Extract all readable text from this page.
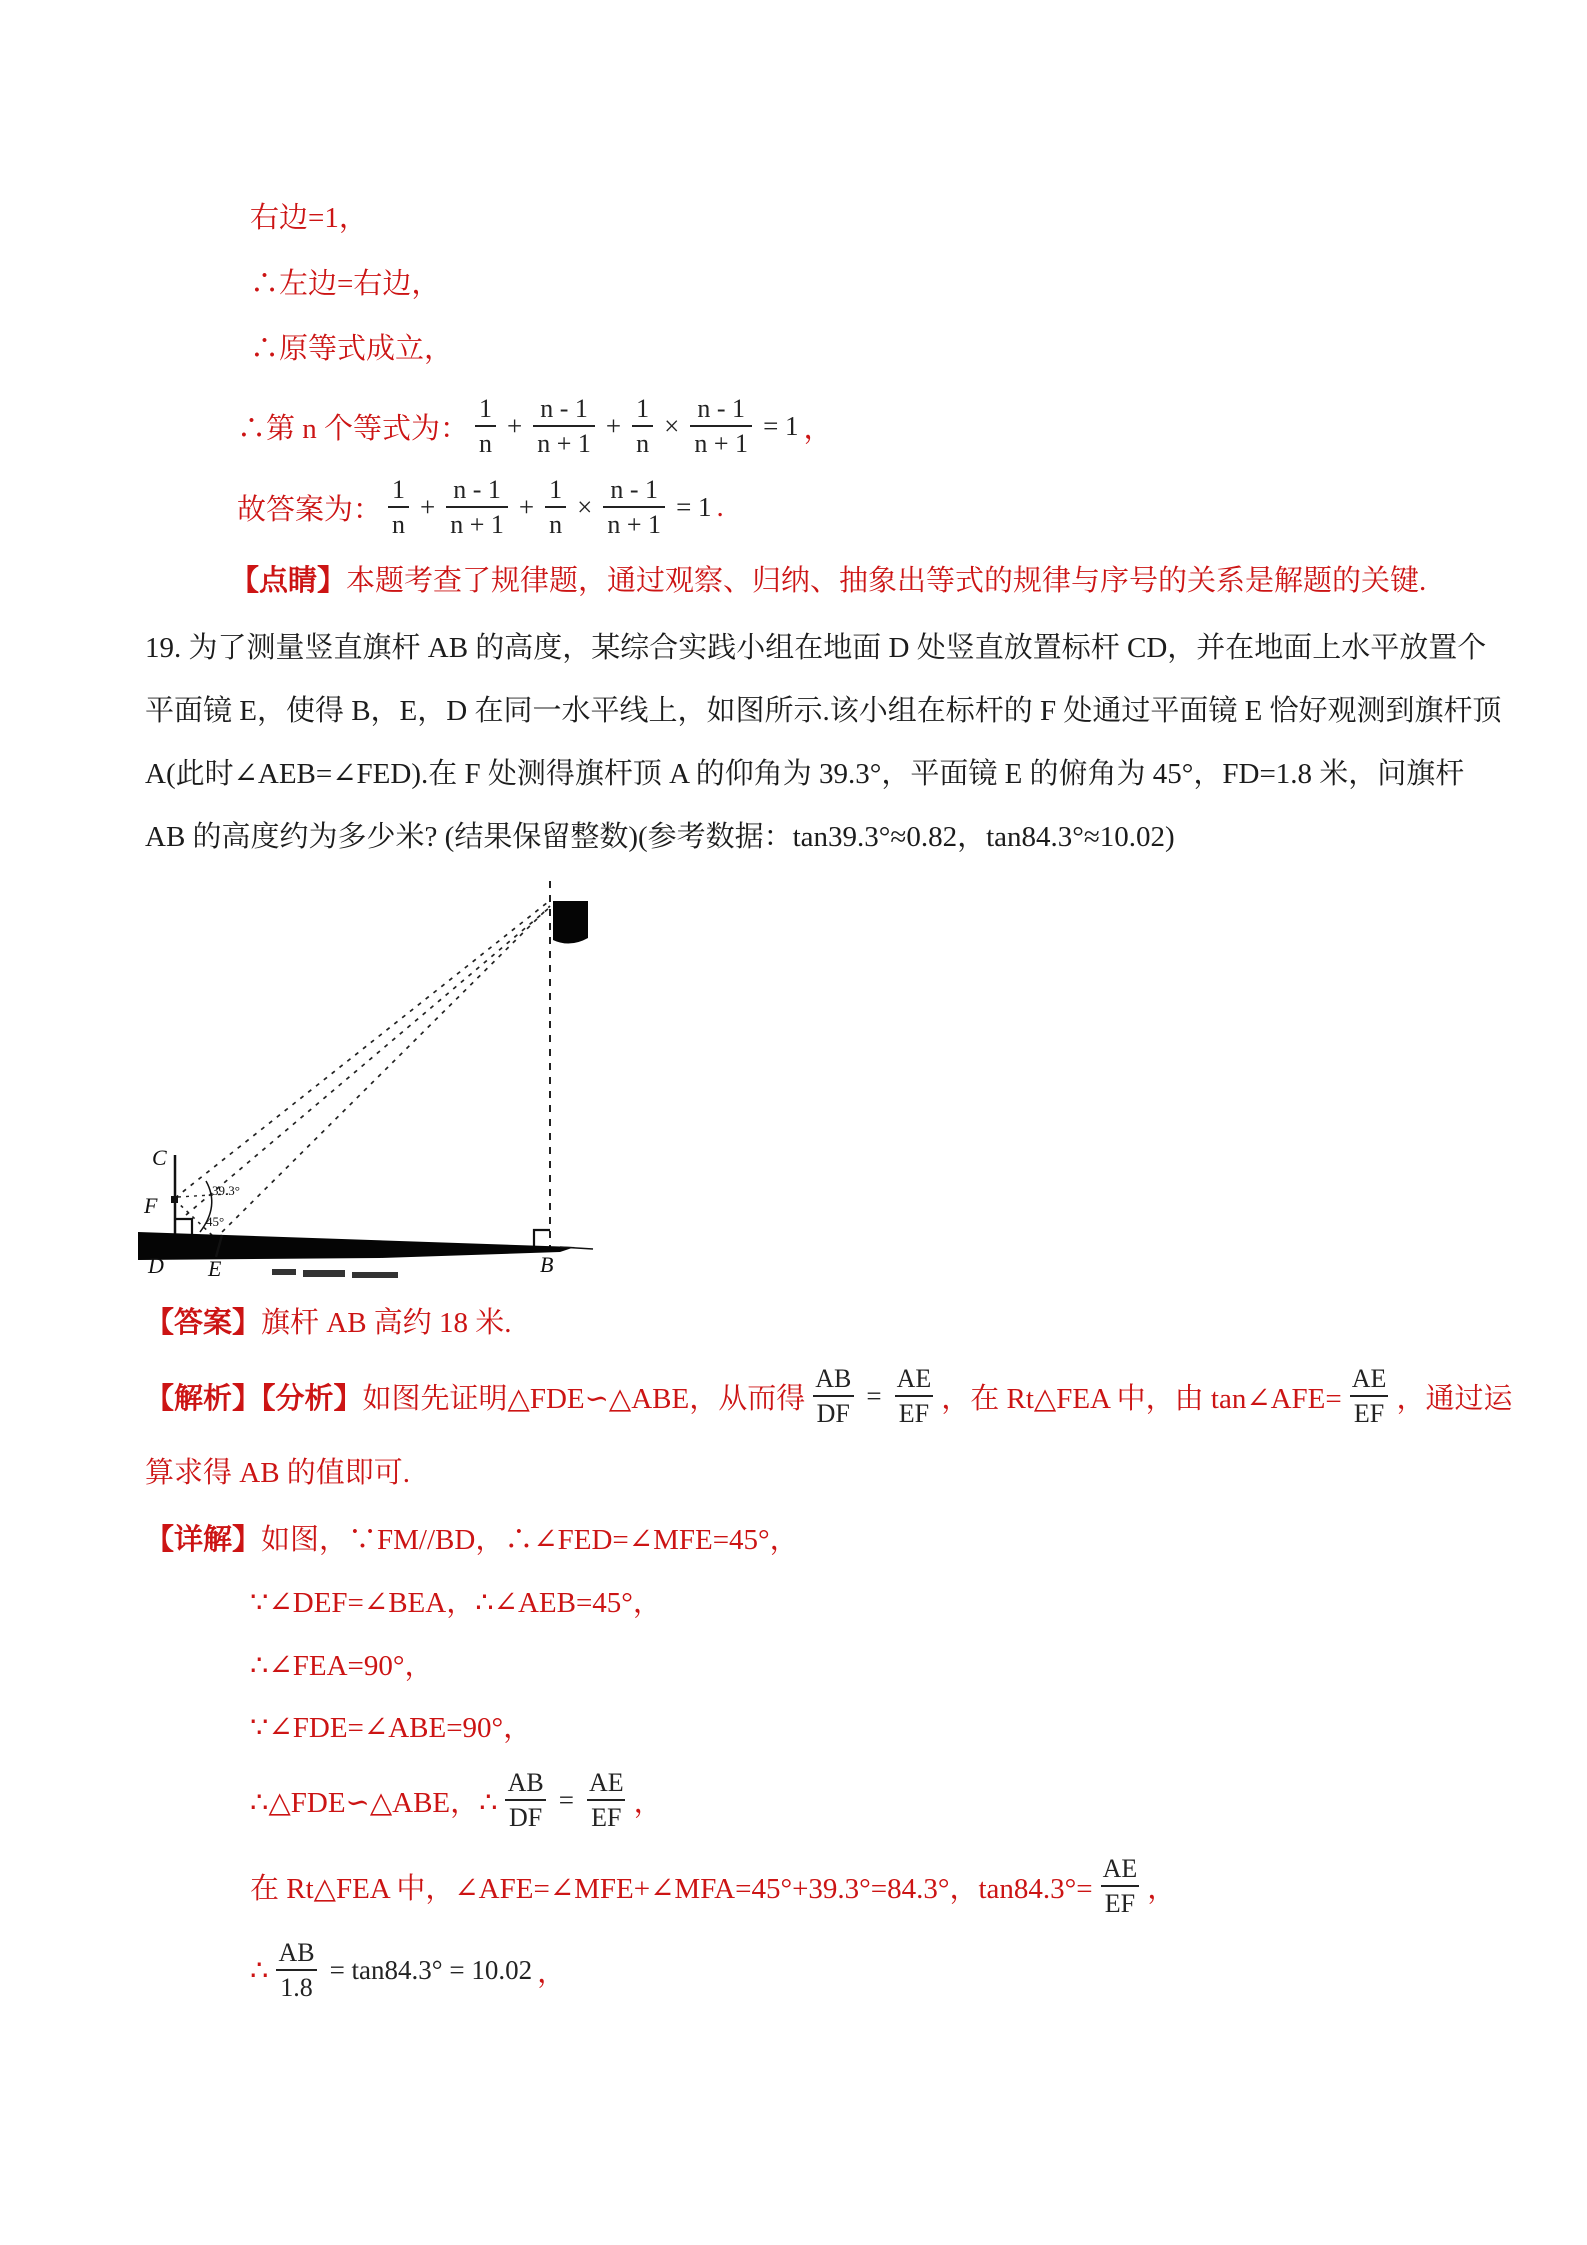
右边=1，
∴左边=右边，
∴原等式成立，
∴第 n 个等式为： $\frac{1}{n} + \frac{n - 1}{n + 1} + \frac{1}{n} \times \frac{n - 1}{n + 1} = 1$ ，
故答案为： $\frac{1}{n} + \frac{n - 1}{n + 1} + \frac{1}{n} \times \frac{n - 1}{n + 1} = 1$ .
【点睛】本题考查了规律题，通过观察、归纳、抽象出等式的规律与序号的关系是解题的关键.
19. 为了测量竖直旗杆 AB 的高度，某综合实践小组在地面 D 处竖直放置标杆 CD，并在地面上水平放置个
平面镜 E，使得 B，E，D 在同一水平线上，如图所示.该小组在标杆的 F 处通过平面镜 E 恰好观测到旗杆顶
A(此时∠AEB=∠FED).在 F 处测得旗杆顶 A 的仰角为 39.3°，平面镜 E 的俯角为 45°，FD=1.8 米，问旗杆
AB 的高度约为多少米? (结果保留整数)(参考数据：tan39.3°≈0.82，tan84.3°≈10.02)
39.3°
45°
C
F
D E	B
【答案】旗杆 AB 高约 18 米.
【解析】【分析】 如图先证明△FDE∽△ABE，从而得 $\frac{AB}{DF} = \frac{AE}{EF}$ ，在 Rt△FEA 中，由 tan∠AFE= $\frac{AE}{EF}$ ，通过运
算求得 AB 的值即可.
【详解】如图，∵FM//BD，∴∠FED=∠MFE=45°，
∵∠DEF=∠BEA，∴∠AEB=45°，
∴∠FEA=90°，
∵∠FDE=∠ABE=90°，
∴△FDE∽△ABE，∴ $\frac{AB}{DF} = \frac{AE}{EF}$ ，
在 Rt△FEA 中，∠AFE=∠MFE+∠MFA=45°+39.3°=84.3°，$\tan 84.3^\circ= \frac{AE}{EF}$ ，
∴ $\frac{AB}{1.8} = \tan 84.3^\circ = 10.02$ ，
